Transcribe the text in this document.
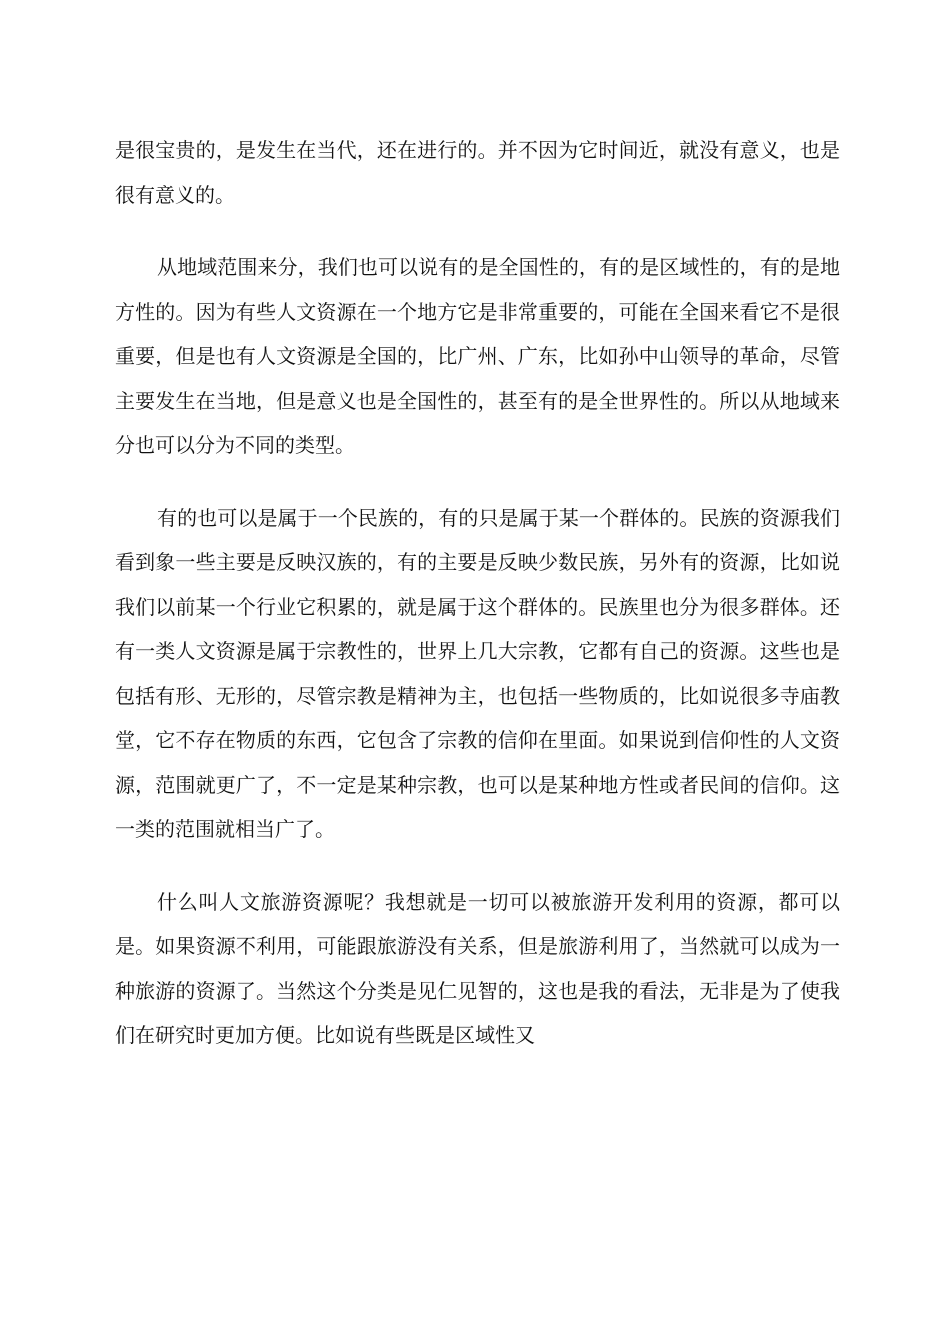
是很宝贵的，是发生在当代，还在进行的。并不因为它时间近，就没有意义，也是很有意义的。

从地域范围来分，我们也可以说有的是全国性的，有的是区域性的，有的是地方性的。因为有些人文资源在一个地方它是非常重要的，可能在全国来看它不是很重要，但是也有人文资源是全国的，比广州、广东，比如孙中山领导的革命，尽管主要发生在当地，但是意义也是全国性的，甚至有的是全世界性的。所以从地域来分也可以分为不同的类型。

有的也可以是属于一个民族的，有的只是属于某一个群体的。民族的资源我们看到象一些主要是反映汉族的，有的主要是反映少数民族，另外有的资源，比如说我们以前某一个行业它积累的，就是属于这个群体的。民族里也分为很多群体。还有一类人文资源是属于宗教性的，世界上几大宗教，它都有自己的资源。这些也是包括有形、无形的，尽管宗教是精神为主，也包括一些物质的，比如说很多寺庙教堂，它不存在物质的东西，它包含了宗教的信仰在里面。如果说到信仰性的人文资源，范围就更广了，不一定是某种宗教，也可以是某种地方性或者民间的信仰。这一类的范围就相当广了。

什么叫人文旅游资源呢？我想就是一切可以被旅游开发利用的资源，都可以是。如果资源不利用，可能跟旅游没有关系，但是旅游利用了，当然就可以成为一种旅游的资源了。当然这个分类是见仁见智的，这也是我的看法，无非是为了使我们在研究时更加方便。比如说有些既是区域性又
